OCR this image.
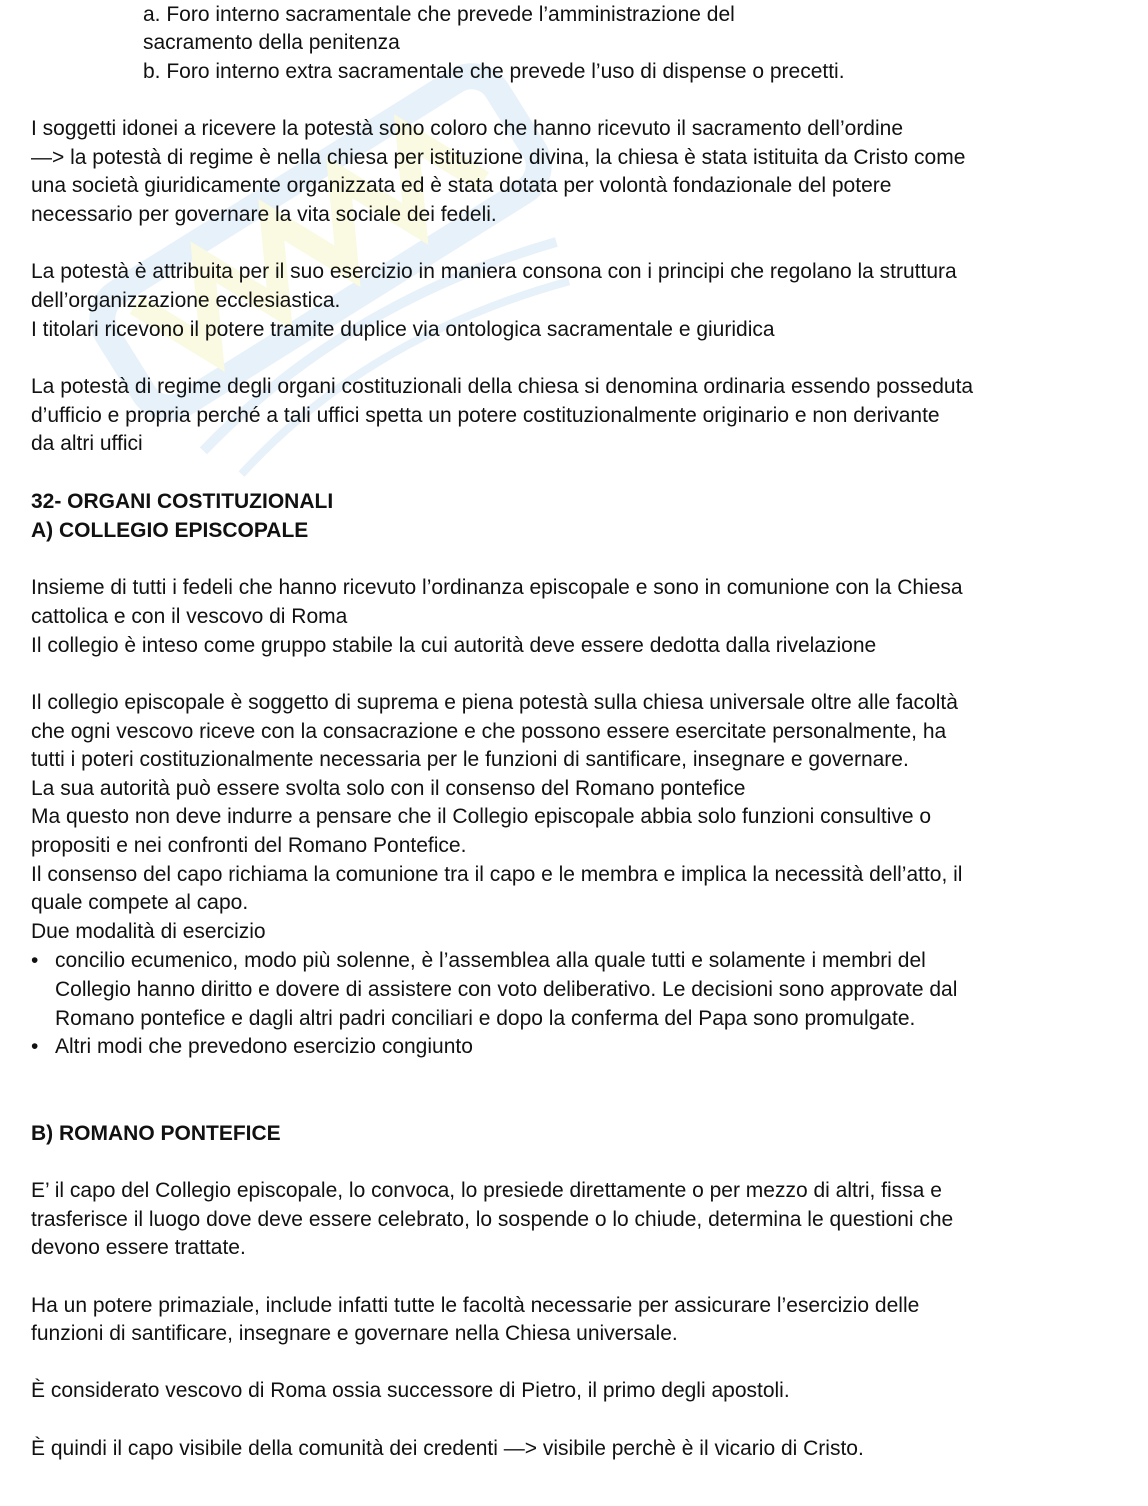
a. Foro interno sacramentale che prevede l’amministrazione del

sacramento della penitenza

b. Foro interno extra sacramentale che prevede l’uso di dispense o precetti.

I soggetti idonei a ricevere la potestà sono coloro che hanno ricevuto il sacramento dell’ordine

—> la potestà di regime è nella chiesa per istituzione divina, la chiesa è stata istituita da Cristo come

una società giuridicamente organizzata ed è stata dotata per volontà fondazionale del potere

necessario per governare la vita sociale dei fedeli.

La potestà è attribuita per il suo esercizio in maniera consona con i principi che regolano la struttura

dell’organizzazione ecclesiastica.

I titolari ricevono il potere tramite duplice via ontologica sacramentale e giuridica

La potestà di regime degli organi costituzionali della chiesa si denomina ordinaria essendo posseduta

d’ufficio e propria perché a tali uffici spetta un potere costituzionalmente originario e non derivante

da altri uffici

32- ORGANI COSTITUZIONALI

A) COLLEGIO EPISCOPALE

Insieme di tutti i fedeli che hanno ricevuto l’ordinanza episcopale e sono in comunione con la Chiesa

cattolica e con il vescovo di Roma

Il collegio è inteso come gruppo stabile la cui autorità deve essere dedotta dalla rivelazione

Il collegio episcopale è soggetto di suprema e piena potestà sulla chiesa universale oltre alle facoltà

che ogni vescovo riceve con la consacrazione e che possono essere esercitate personalmente, ha

tutti i poteri costituzionalmente necessaria per le funzioni di santificare, insegnare e governare.

La sua autorità può essere svolta solo con il consenso del Romano pontefice

Ma questo non deve indurre a pensare che il Collegio episcopale abbia solo funzioni consultive o

propositi e nei confronti del Romano Pontefice.

Il consenso del capo richiama la comunione tra il capo e le membra e implica la necessità dell’atto, il

quale compete al capo.

Due modalità di esercizio

• concilio ecumenico, modo più solenne, è l’assemblea alla quale tutti e solamente i membri del

Collegio hanno diritto e dovere di assistere con voto deliberativo. Le decisioni sono approvate dal

Romano pontefice e dagli altri padri conciliari e dopo la conferma del Papa sono promulgate.

• Altri modi che prevedono esercizio congiunto

B) ROMANO PONTEFICE

E’ il capo del Collegio episcopale, lo convoca, lo presiede direttamente o per mezzo di altri, fissa e

trasferisce il luogo dove deve essere celebrato, lo sospende o lo chiude, determina le questioni che

devono essere trattate.

Ha un potere primaziale, include infatti tutte le facoltà necessarie per assicurare l’esercizio delle

funzioni di santificare, insegnare e governare nella Chiesa universale.

È considerato vescovo di Roma ossia successore di Pietro, il primo degli apostoli.

È quindi il capo visibile della comunità dei credenti —> visibile perchè è il vicario di Cristo.
